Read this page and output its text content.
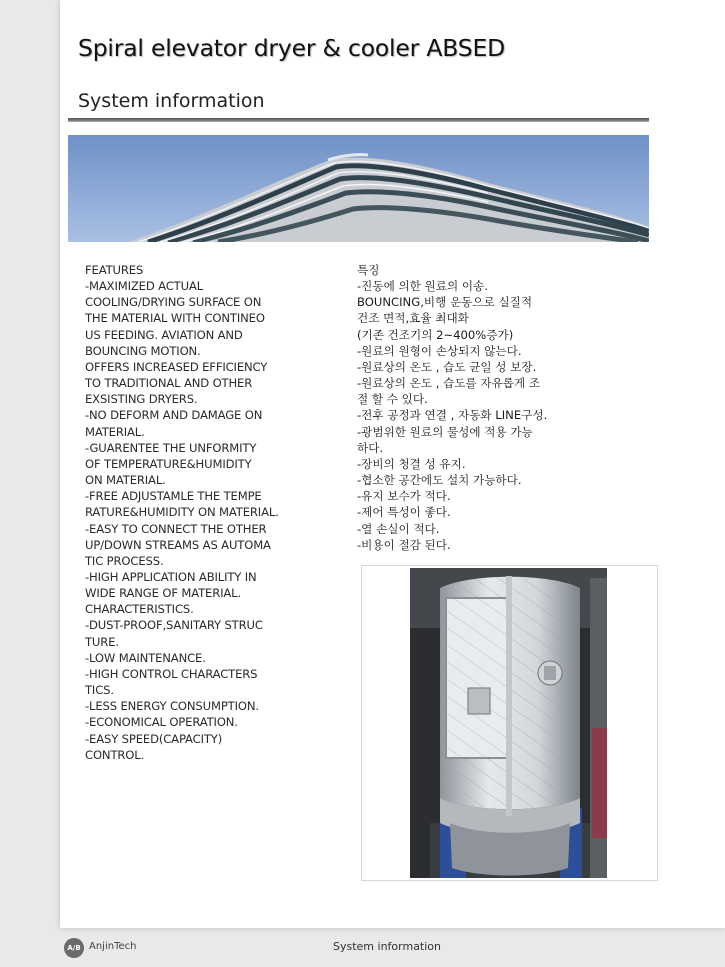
Spiral elevator dryer & cooler ABSED
System information
FEATURES
-MAXIMIZED ACTUAL
COOLING/DRYING SURFACE ON
THE MATERIAL WITH CONTINEO
US FEEDING. AVIATION AND
BOUNCING MOTION.
OFFERS INCREASED EFFICIENCY
TO TRADITIONAL AND OTHER
EXSISTING DRYERS.
-NO DEFORM AND DAMAGE ON
MATERIAL.
-GUARENTEE THE UNFORMITY
OF TEMPERATURE&HUMIDITY
ON MATERIAL.
-FREE ADJUSTAMLE THE TEMPE
RATURE&HUMIDITY ON MATERIAL.
-EASY TO CONNECT THE OTHER
UP/DOWN STREAMS AS AUTOMA
TIC PROCESS.
-HIGH APPLICATION ABILITY IN
WIDE RANGE OF MATERIAL.
CHARACTERISTICS.
-DUST-PROOF,SANITARY STRUC
TURE.
-LOW MAINTENANCE.
-HIGH CONTROL CHARACTERS
TICS.
-LESS ENERGY CONSUMPTION.
-ECONOMICAL OPERATION.
-EASY SPEED(CAPACITY)
CONTROL.
특징
-진동에 의한 원료의 이송.
BOUNCING,비행 운동으로 실질적
건조 면적,효율 최대화
(기존 건조기의 2~400%증가)
-원료의 원형이 손상되지 않는다.
-원료상의 온도 , 습도 균일 성 보장.
-원료상의 온도 , 습도를 자유롭게 조
절 할 수 있다.
-전후 공정과 연결 , 자동화 LINE구성.
-광범위한 원료의 물성에 적용 가능
하다.
-장비의 청결 성 유지.
-협소한 공간에도 설치 가능하다.
-유지 보수가 적다.
-제어 특성이 좋다.
-열 손실이 적다.
-비용이 절감 된다.
A/B AnjinTech	System information
